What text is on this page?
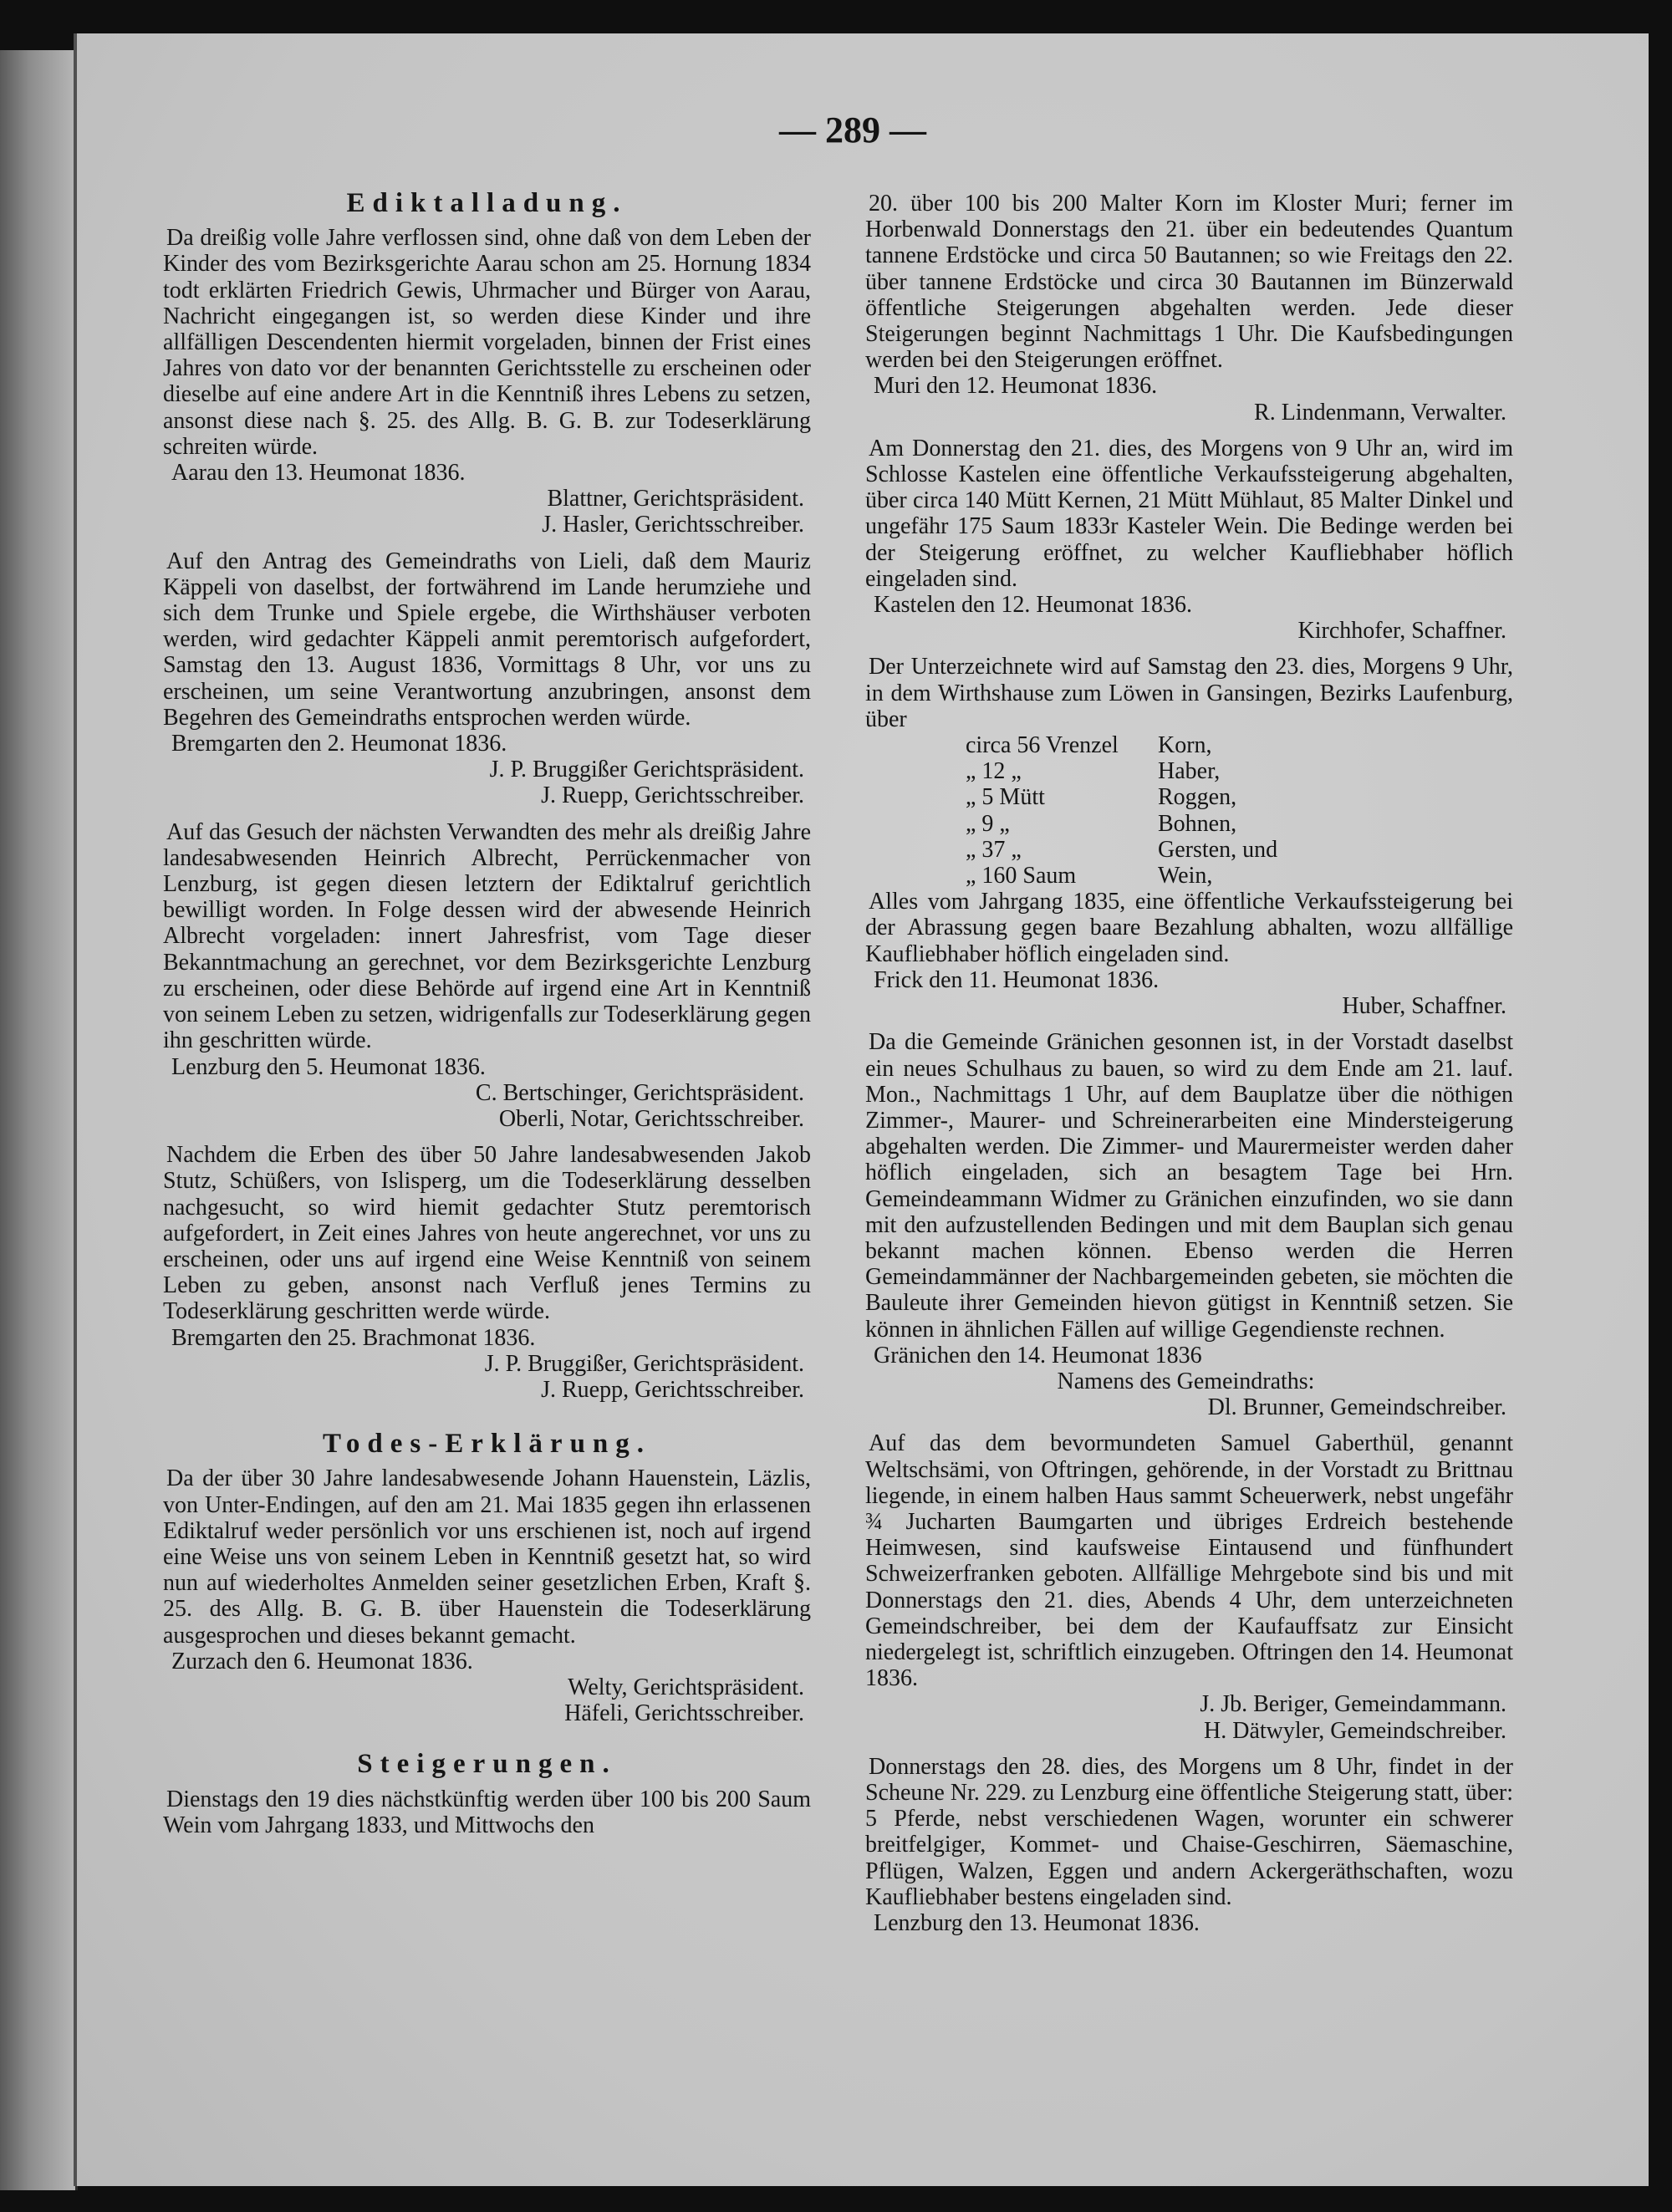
— 289 —
Ediktalladung.

Da dreißig volle Jahre verflossen sind, ohne daß von dem Leben der Kinder des vom Bezirksgerichte Aarau schon am 25. Hornung 1834 todt erklärten Friedrich Gewis, Uhrmacher und Bürger von Aarau, Nachricht eingegangen ist, so werden diese Kinder und ihre allfälligen Descendenten hiermit vorgeladen, binnen der Frist eines Jahres von dato vor der benannten Gerichtsstelle zu erscheinen oder dieselbe auf eine andere Art in die Kenntniß ihres Lebens zu setzen, ansonst diese nach §. 25. des Allg. B. G. B. zur Todeserklärung schreiten würde.

Aarau den 13. Heumonat 1836.

Blattner, Gerichtspräsident.

J. Hasler, Gerichtsschreiber.

Auf den Antrag des Gemeindraths von Lieli, daß dem Mauriz Käppeli von daselbst, der fortwährend im Lande herumziehe und sich dem Trunke und Spiele ergebe, die Wirthshäuser verboten werden, wird gedachter Käppeli anmit peremtorisch aufgefordert, Samstag den 13. August 1836, Vormittags 8 Uhr, vor uns zu erscheinen, um seine Verantwortung anzubringen, ansonst dem Begehren des Gemeindraths entsprochen werden würde.

Bremgarten den 2. Heumonat 1836.

J. P. Bruggißer Gerichtspräsident.

J. Ruepp, Gerichtsschreiber.

Auf das Gesuch der nächsten Verwandten des mehr als dreißig Jahre landesabwesenden Heinrich Albrecht, Perrückenmacher von Lenzburg, ist gegen diesen letztern der Ediktalruf gerichtlich bewilligt worden. In Folge dessen wird der abwesende Heinrich Albrecht vorgeladen: innert Jahresfrist, vom Tage dieser Bekanntmachung an gerechnet, vor dem Bezirksgerichte Lenzburg zu erscheinen, oder diese Behörde auf irgend eine Art in Kenntniß von seinem Leben zu setzen, widrigenfalls zur Todeserklärung gegen ihn geschritten würde.

Lenzburg den 5. Heumonat 1836.

C. Bertschinger, Gerichtspräsident.

Oberli, Notar, Gerichtsschreiber.

Nachdem die Erben des über 50 Jahre landesabwesenden Jakob Stutz, Schüßers, von Islisperg, um die Todeserklärung desselben nachgesucht, so wird hiemit gedachter Stutz peremtorisch aufgefordert, in Zeit eines Jahres von heute angerechnet, vor uns zu erscheinen, oder uns auf irgend eine Weise Kenntniß von seinem Leben zu geben, ansonst nach Verfluß jenes Termins zu Todeserklärung geschritten werde würde.

Bremgarten den 25. Brachmonat 1836.

J. P. Bruggißer, Gerichtspräsident.

J. Ruepp, Gerichtsschreiber.

Todes-Erklärung.

Da der über 30 Jahre landesabwesende Johann Hauenstein, Läzlis, von Unter-Endingen, auf den am 21. Mai 1835 gegen ihn erlassenen Ediktalruf weder persönlich vor uns erschienen ist, noch auf irgend eine Weise uns von seinem Leben in Kenntniß gesetzt hat, so wird nun auf wiederholtes Anmelden seiner gesetzlichen Erben, Kraft §. 25. des Allg. B. G. B. über Hauenstein die Todeserklärung ausgesprochen und dieses bekannt gemacht.

Zurzach den 6. Heumonat 1836.

Welty, Gerichtspräsident.

Häfeli, Gerichtsschreiber.

Steigerungen.

Dienstags den 19 dies nächstkünftig werden über 100 bis 200 Saum Wein vom Jahrgang 1833, und Mittwochs den

20. über 100 bis 200 Malter Korn im Kloster Muri; ferner im Horbenwald Donnerstags den 21. über ein bedeutendes Quantum tannene Erdstöcke und circa 50 Bautannen; so wie Freitags den 22. über tannene Erdstöcke und circa 30 Bautannen im Bünzerwald öffentliche Steigerungen abgehalten werden. Jede dieser Steigerungen beginnt Nachmittags 1 Uhr. Die Kaufsbedingungen werden bei den Steigerungen eröffnet.

Muri den 12. Heumonat 1836.

R. Lindenmann, Verwalter.

Am Donnerstag den 21. dies, des Morgens von 9 Uhr an, wird im Schlosse Kastelen eine öffentliche Verkaufssteigerung abgehalten, über circa 140 Mütt Kernen, 21 Mütt Mühlaut, 85 Malter Dinkel und ungefähr 175 Saum 1833r Kasteler Wein. Die Bedinge werden bei der Steigerung eröffnet, zu welcher Kaufliebhaber höflich eingeladen sind.

Kastelen den 12. Heumonat 1836.

Kirchhofer, Schaffner.

Der Unterzeichnete wird auf Samstag den 23. dies, Morgens 9 Uhr, in dem Wirthshause zum Löwen in Gansingen, Bezirks Laufenburg, über

circa 56 Vrenzel	Korn,
„ 12 „	Haber,
„ 5 Mütt	Roggen,
„ 9 „	Bohnen,
„ 37 „	Gersten, und
„ 160 Saum	Wein,

Alles vom Jahrgang 1835, eine öffentliche Verkaufssteigerung bei der Abrassung gegen baare Bezahlung abhalten, wozu allfällige Kaufliebhaber höflich eingeladen sind.

Frick den 11. Heumonat 1836.

Huber, Schaffner.

Da die Gemeinde Gränichen gesonnen ist, in der Vorstadt daselbst ein neues Schulhaus zu bauen, so wird zu dem Ende am 21. lauf. Mon., Nachmittags 1 Uhr, auf dem Bauplatze über die nöthigen Zimmer-, Maurer- und Schreinerarbeiten eine Mindersteigerung abgehalten werden. Die Zimmer- und Maurermeister werden daher höflich eingeladen, sich an besagtem Tage bei Hrn. Gemeindeammann Widmer zu Gränichen einzufinden, wo sie dann mit den aufzustellenden Bedingen und mit dem Bauplan sich genau bekannt machen können. Ebenso werden die Herren Gemeindammänner der Nachbargemeinden gebeten, sie möchten die Bauleute ihrer Gemeinden hievon gütigst in Kenntniß setzen. Sie können in ähnlichen Fällen auf willige Gegendienste rechnen.

Gränichen den 14. Heumonat 1836

Namens des Gemeindraths:

Dl. Brunner, Gemeindschreiber.

Auf das dem bevormundeten Samuel Gaberthül, genannt Weltschsämi, von Oftringen, gehörende, in der Vorstadt zu Brittnau liegende, in einem halben Haus sammt Scheuerwerk, nebst ungefähr ¾ Jucharten Baumgarten und übriges Erdreich bestehende Heimwesen, sind kaufsweise Eintausend und fünfhundert Schweizerfranken geboten. Allfällige Mehrgebote sind bis und mit Donnerstags den 21. dies, Abends 4 Uhr, dem unterzeichneten Gemeindschreiber, bei dem der Kaufauffsatz zur Einsicht niedergelegt ist, schriftlich einzugeben. Oftringen den 14. Heumonat 1836.

J. Jb. Beriger, Gemeindammann.

H. Dätwyler, Gemeindschreiber.

Donnerstags den 28. dies, des Morgens um 8 Uhr, findet in der Scheune Nr. 229. zu Lenzburg eine öffentliche Steigerung statt, über: 5 Pferde, nebst verschiedenen Wagen, worunter ein schwerer breitfelgiger, Kommet- und Chaise-Geschirren, Säemaschine, Pflügen, Walzen, Eggen und andern Ackergeräthschaften, wozu Kaufliebhaber bestens eingeladen sind.

Lenzburg den 13. Heumonat 1836.
